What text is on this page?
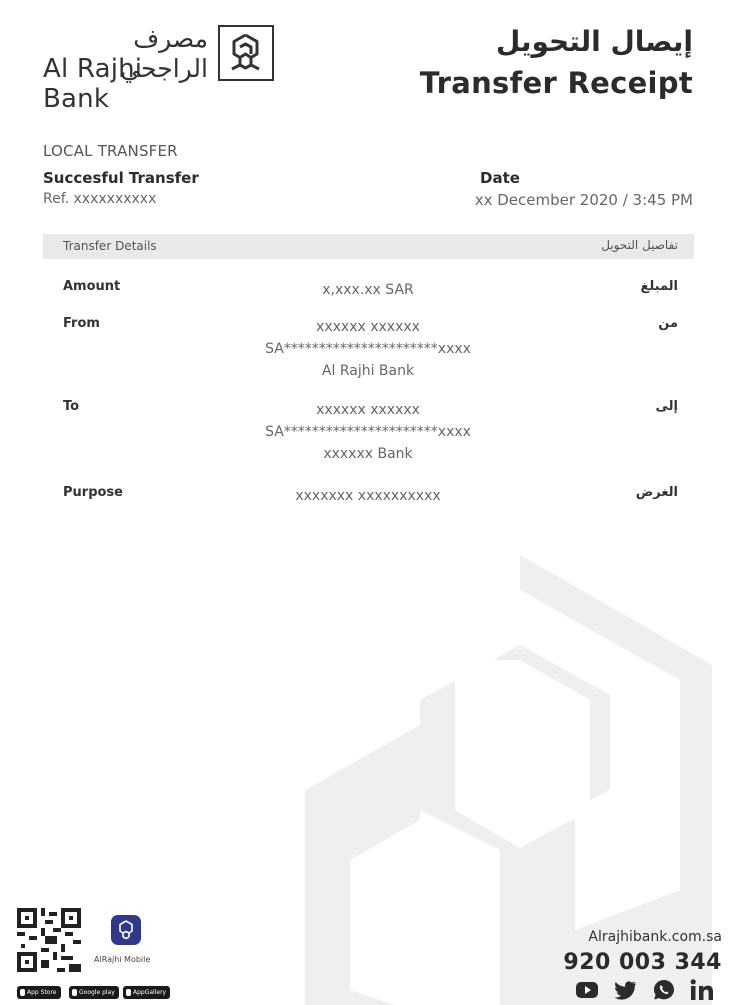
مصرف الراجحي
Al Rajhi Bank
إيصال التحويل
Transfer Receipt
LOCAL TRANSFER
Succesful Transfer
Ref. xxxxxxxxxx
Date
xx December 2020 / 3:45 PM
Transfer Details	تفاصيل التحويل
Amount	x,xxx.xx SAR	المبلغ
From	xxxxxx xxxxxx
SA**********************xxxx
Al Rajhi Bank
من
To	xxxxxx xxxxxx
SA**********************xxxx
xxxxxx Bank
إلى
Purpose	xxxxxxx xxxxxxxxxx	الغرض
AlRajhi Mobile
App Store	Google play	AppGallery
Alrajhibank.com.sa
920 003 344
